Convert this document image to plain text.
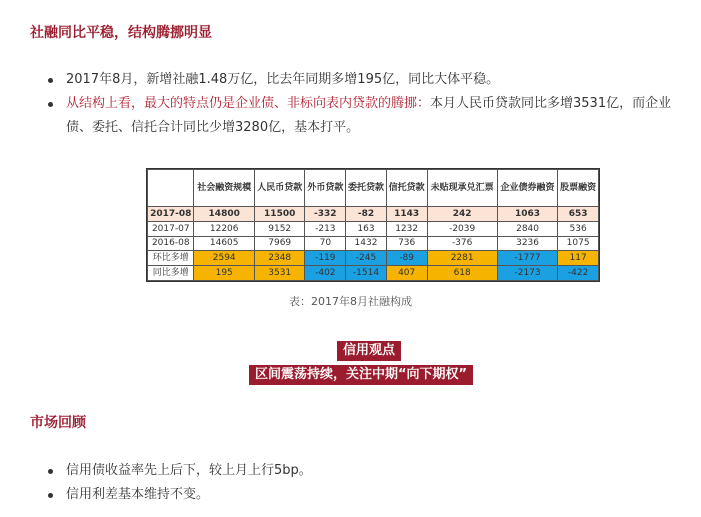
社融同比平稳，结构腾挪明显
2017年8月，新增社融1.48万亿，比去年同期多增195亿，同比大体平稳。
从结构上看，最大的特点仍是企业债、非标向表内贷款的腾挪：本月人民币贷款同比多增3531亿，而企业债、委托、信托合计同比少增3280亿，基本打平。
	社会融资规模	人民币贷款	外币贷款	委托贷款	信托贷款	未贴现承兑汇票	企业债券融资	股票融资
2017-08	14800	11500	-332	-82	1143	242	1063	653
2017-07	12206	9152	-213	163	1232	-2039	2840	536
2016-08	14605	7969	70	1432	736	-376	3236	1075
环比多增	2594	2348	-119	-245	-89	2281	-1777	117
同比多增	195	3531	-402	-1514	407	618	-2173	-422
表：2017年8月社融构成
信用观点
区间震荡持续，关注中期“向下期权”
市场回顾
信用债收益率先上后下，较上月上行5bp。
信用利差基本维持不变。
